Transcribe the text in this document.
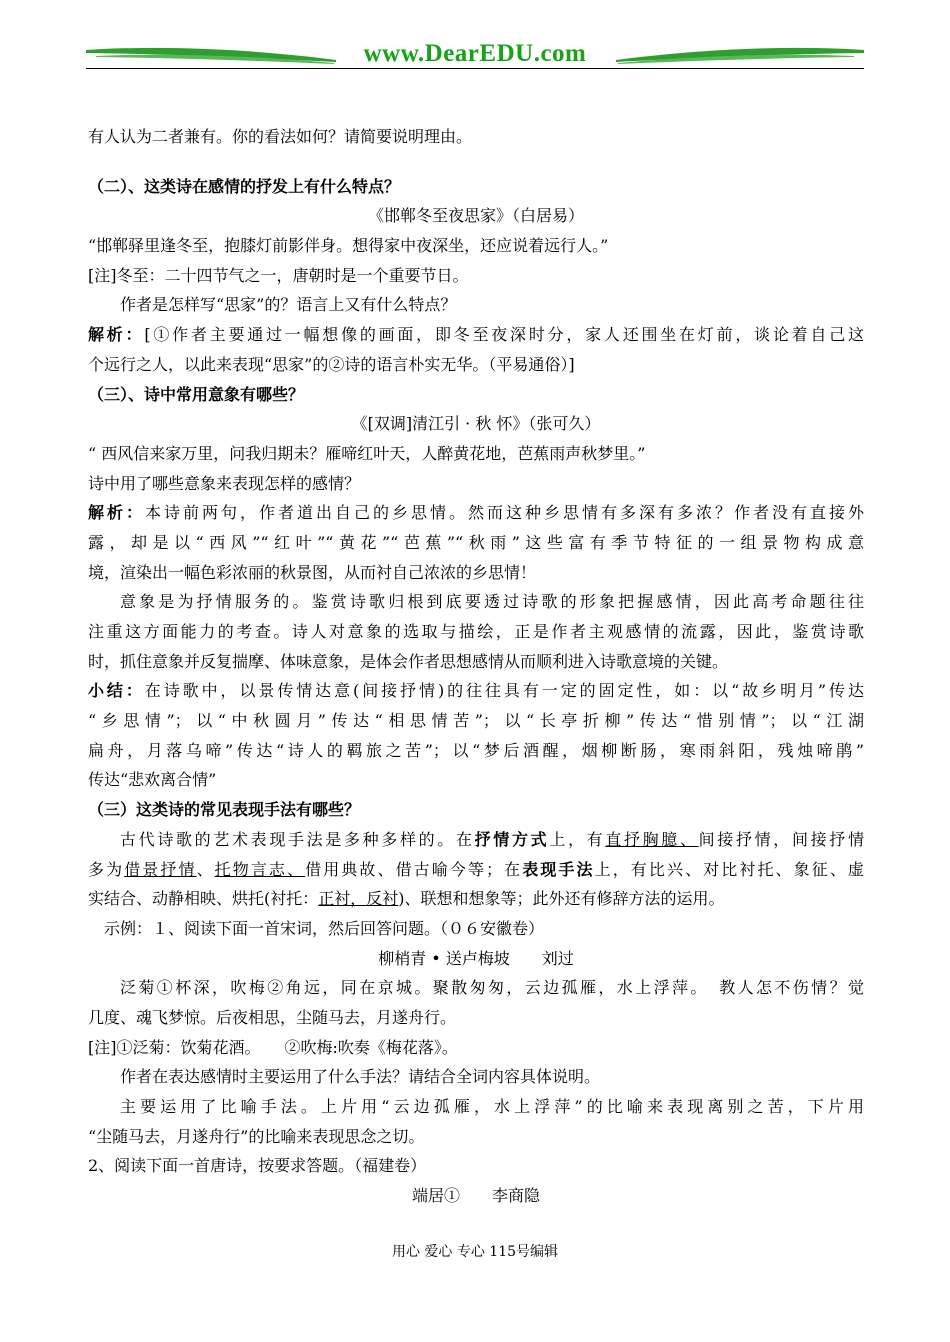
www.DearEDU.com
有人认为二者兼有。你的看法如何？请简要说明理由。
（二）、这类诗在感情的抒发上有什么特点？
《邯郸冬至夜思家》（白居易）
“邯郸驿里逢冬至，抱膝灯前影伴身。想得家中夜深坐，还应说着远行人。”
[注]冬至：二十四节气之一，唐朝时是一个重要节日。
作者是怎样写“思家”的？语言上又有什么特点？
解析：[①作者主要通过一幅想像的画面，即冬至夜深时分，家人还围坐在灯前，谈论着自己这
个远行之人，以此来表现“思家”的②诗的语言朴实无华。（平易通俗）]
（三）、诗中常用意象有哪些？
《[双调]清江引 · 秋 怀》（张可久）
“ 西风信来家万里，问我归期未？雁啼红叶天，人醉黄花地，芭蕉雨声秋梦里。”
诗中用了哪些意象来表现怎样的感情？
解析：本诗前两句，作者道出自己的乡思情。然而这种乡思情有多深有多浓？作者没有直接外
露，却是以“西风”“红叶”“黄花”“芭蕉”“秋雨”这些富有季节特征的一组景物构成意
境，渲染出一幅色彩浓丽的秋景图，从而衬自己浓浓的乡思情！
意象是为抒情服务的。鉴赏诗歌归根到底要透过诗歌的形象把握感情，因此高考命题往往
注重这方面能力的考查。诗人对意象的选取与描绘，正是作者主观感情的流露，因此，鉴赏诗歌
时，抓住意象并反复揣摩、体味意象，是体会作者思想感情从而顺利进入诗歌意境的关键。
小结：在诗歌中，以景传情达意(间接抒情)的往往具有一定的固定性，如：以“故乡明月”传达
“乡思情”；以“中秋圆月”传达“相思情苦”；以“长亭折柳”传达“惜别情”；以“江湖
扁舟，月落乌啼”传达“诗人的羁旅之苦”；以“梦后酒醒，烟柳断肠，寒雨斜阳，残烛啼鹃”
传达“悲欢离合情”
（三）这类诗的常见表现手法有哪些？
古代诗歌的艺术表现手法是多种多样的。在抒情方式上，有直抒胸臆、间接抒情，间接抒情
多为借景抒情、托物言志、借用典故、借古喻今等；在表现手法上，有比兴、对比衬托、象征、虚
实结合、动静相映、烘托(衬托：正衬，反衬)、联想和想象等；此外还有修辞方法的运用。
示例：１、阅读下面一首宋词，然后回答问题。（０６安徽卷）
柳梢青 • 送卢梅坡　　刘过
泛菊①杯深，吹梅②角远，同在京城。聚散匆匆，云边孤雁，水上浮萍。　教人怎不伤情？觉
几度、魂飞梦惊。后夜相思，尘随马去，月遂舟行。
[注]①泛菊：饮菊花酒。　　②吹梅:吹奏《梅花落》。
作者在表达感情时主要运用了什么手法？请结合全词内容具体说明。
主要运用了比喻手法。上片用“云边孤雁，水上浮萍”的比喻来表现离别之苦，下片用
“尘随马去，月遂舟行”的比喻来表现思念之切。
2、阅读下面一首唐诗，按要求答题。（福建卷）
端居①　　李商隐
用心 爱心 专心 115号编辑
